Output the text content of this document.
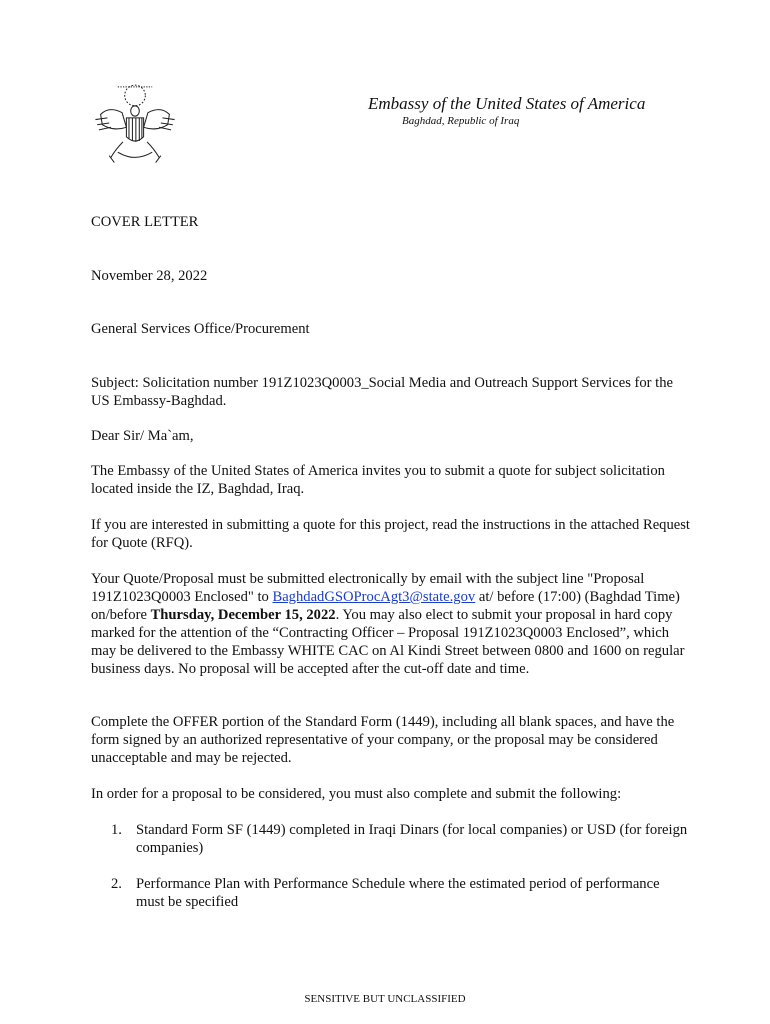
Embassy of the United States of America
Baghdad, Republic of Iraq

COVER LETTER

November 28, 2022

General Services Office/Procurement

Subject: Solicitation number 191Z1023Q0003_Social Media and Outreach Support Services for the US Embassy-Baghdad.

Dear Sir/ Ma`am,

The Embassy of the United States of America invites you to submit a quote for subject solicitation located inside the IZ, Baghdad, Iraq.

If you are interested in submitting a quote for this project, read the instructions in the attached Request for Quote (RFQ).

Your Quote/Proposal must be submitted electronically by email with the subject line "Proposal 191Z1023Q0003 Enclosed" to BaghdadGSOProcAgt3@state.gov at/ before (17:00) (Baghdad Time) on/before Thursday, December 15, 2022. You may also elect to submit your proposal in hard copy marked for the attention of the “Contracting Officer – Proposal 191Z1023Q0003 Enclosed”, which may be delivered to the Embassy WHITE CAC on Al Kindi Street between 0800 and 1600 on regular business days. No proposal will be accepted after the cut-off date and time.

Complete the OFFER portion of the Standard Form (1449), including all blank spaces, and have the form signed by an authorized representative of your company, or the proposal may be considered unacceptable and may be rejected.

In order for a proposal to be considered, you must also complete and submit the following:

1. Standard Form SF (1449) completed in Iraqi Dinars (for local companies) or USD (for foreign companies)
2. Performance Plan with Performance Schedule where the estimated period of performance must be specified
SENSITIVE BUT UNCLASSIFIED
